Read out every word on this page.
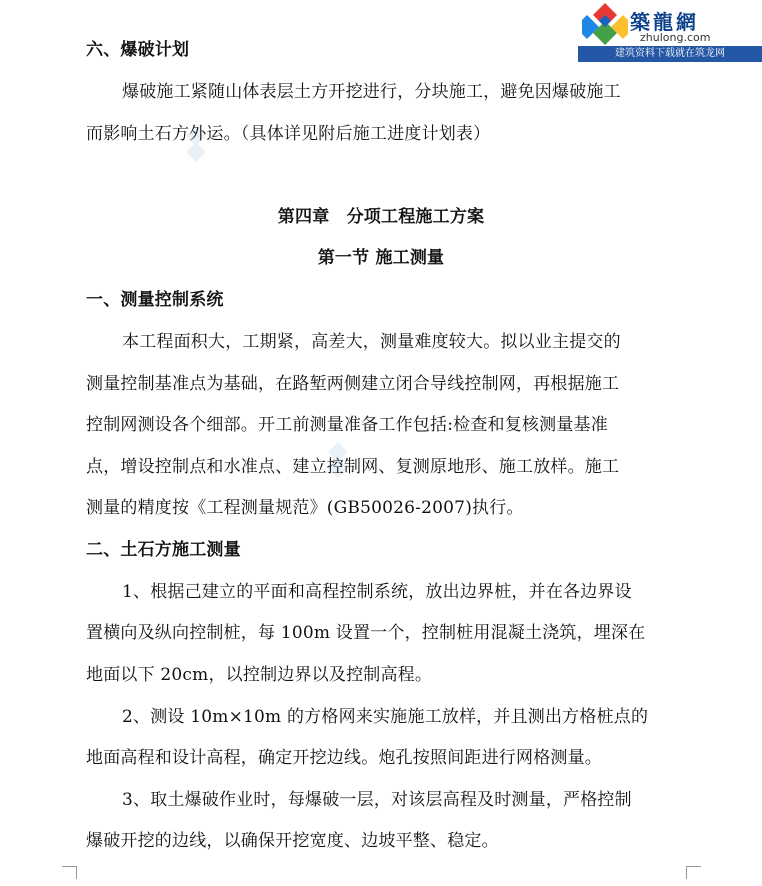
築龍網
zhulong.com
建筑资料下载就在筑龙网
六、爆破计划
爆破施工紧随山体表层土方开挖进行，分块施工，避免因爆破施工
而影响土石方外运。（具体详见附后施工进度计划表）
第四章　分项工程施工方案
第一节 施工测量
一、测量控制系统
本工程面积大，工期紧，高差大，测量难度较大。拟以业主提交的
测量控制基准点为基础，在路堑两侧建立闭合导线控制网，再根据施工
控制网测设各个细部。开工前测量准备工作包括:检查和复核测量基准
点，增设控制点和水准点、建立控制网、复测原地形、施工放样。施工
测量的精度按《工程测量规范》(GB50026-2007)执行。
二、土石方施工测量
1、根据己建立的平面和高程控制系统，放出边界桩，并在各边界设
置横向及纵向控制桩，每 100m 设置一个，控制桩用混凝土浇筑，埋深在
地面以下 20cm，以控制边界以及控制高程。
2、测设 10m×10m 的方格网来实施施工放样，并且测出方格桩点的
地面高程和设计高程，确定开挖边线。炮孔按照间距进行网格测量。
3、取土爆破作业时，每爆破一层，对该层高程及时测量，严格控制
爆破开挖的边线，以确保开挖宽度、边坡平整、稳定。
